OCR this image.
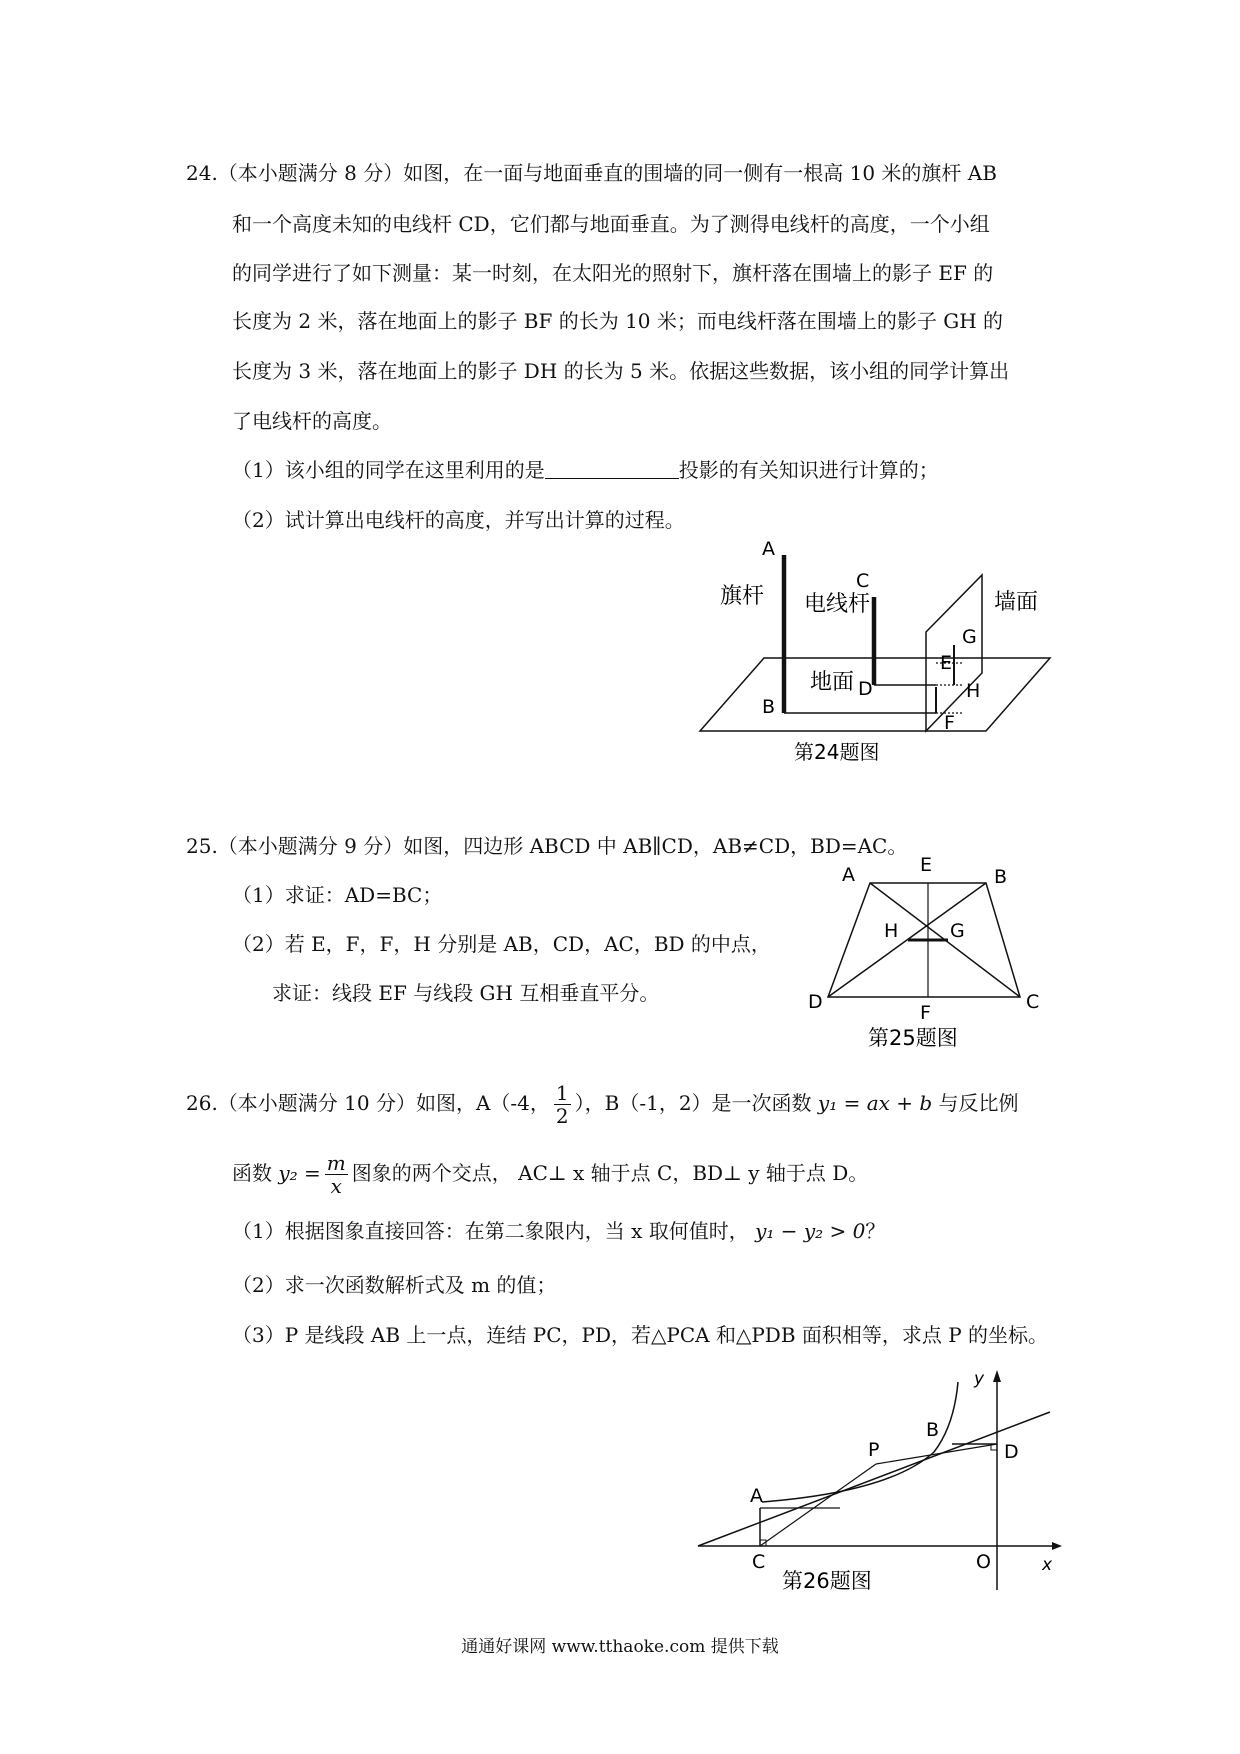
24.（本小题满分 8 分）如图，在一面与地面垂直的围墙的同一侧有一根高 10 米的旗杆 AB
和一个高度未知的电线杆 CD，它们都与地面垂直。为了测得电线杆的高度，一个小组
的同学进行了如下测量：某一时刻，在太阳光的照射下，旗杆落在围墙上的影子 EF 的
长度为 2 米，落在地面上的影子 BF 的长为 10 米；而电线杆落在围墙上的影子 GH 的
长度为 3 米，落在地面上的影子 DH 的长为 5 米。依据这些数据，该小组的同学计算出
了电线杆的高度。
（1）该小组的同学在这里利用的是	投影的有关知识进行计算的；
（2）试计算出电线杆的高度，并写出计算的过程。
A
B
C
D
E
F
G
H
旗杆 电线杆	墙面
地面
第24题图
25.（本小题满分 9 分）如图，四边形 ABCD 中 AB∥CD，AB≠CD，BD=AC。
（1）求证：AD=BC；
（2）若 E，F，F，H 分别是 AB，CD，AC，BD 的中点，
求证：线段 EF 与线段 GH 互相垂直平分。
A	E
B
H	G
D	F	C
第25题图
26.（本小题满分 10 分）如图，A（-4， $\frac{1}{2}$ ），B（-1，2）是一次函数 y₁ = ax + b 与反比例
函数 $y_2 = \frac{m}{x}$ 图象的两个交点， AC⊥ x 轴于点 C，BD⊥ y 轴于点 D。
（1）根据图象直接回答：在第二象限内，当 x 取何值时， y₁ − y₂ > 0？
（2）求一次函数解析式及 m 的值；
（3）P 是线段 AB 上一点，连结 PC，PD，若△PCA 和△PDB 面积相等，求点 P 的坐标。
A
P
B
D
C	O	x
y
第26题图
通通好课网 www.tthaoke.com 提供下载
